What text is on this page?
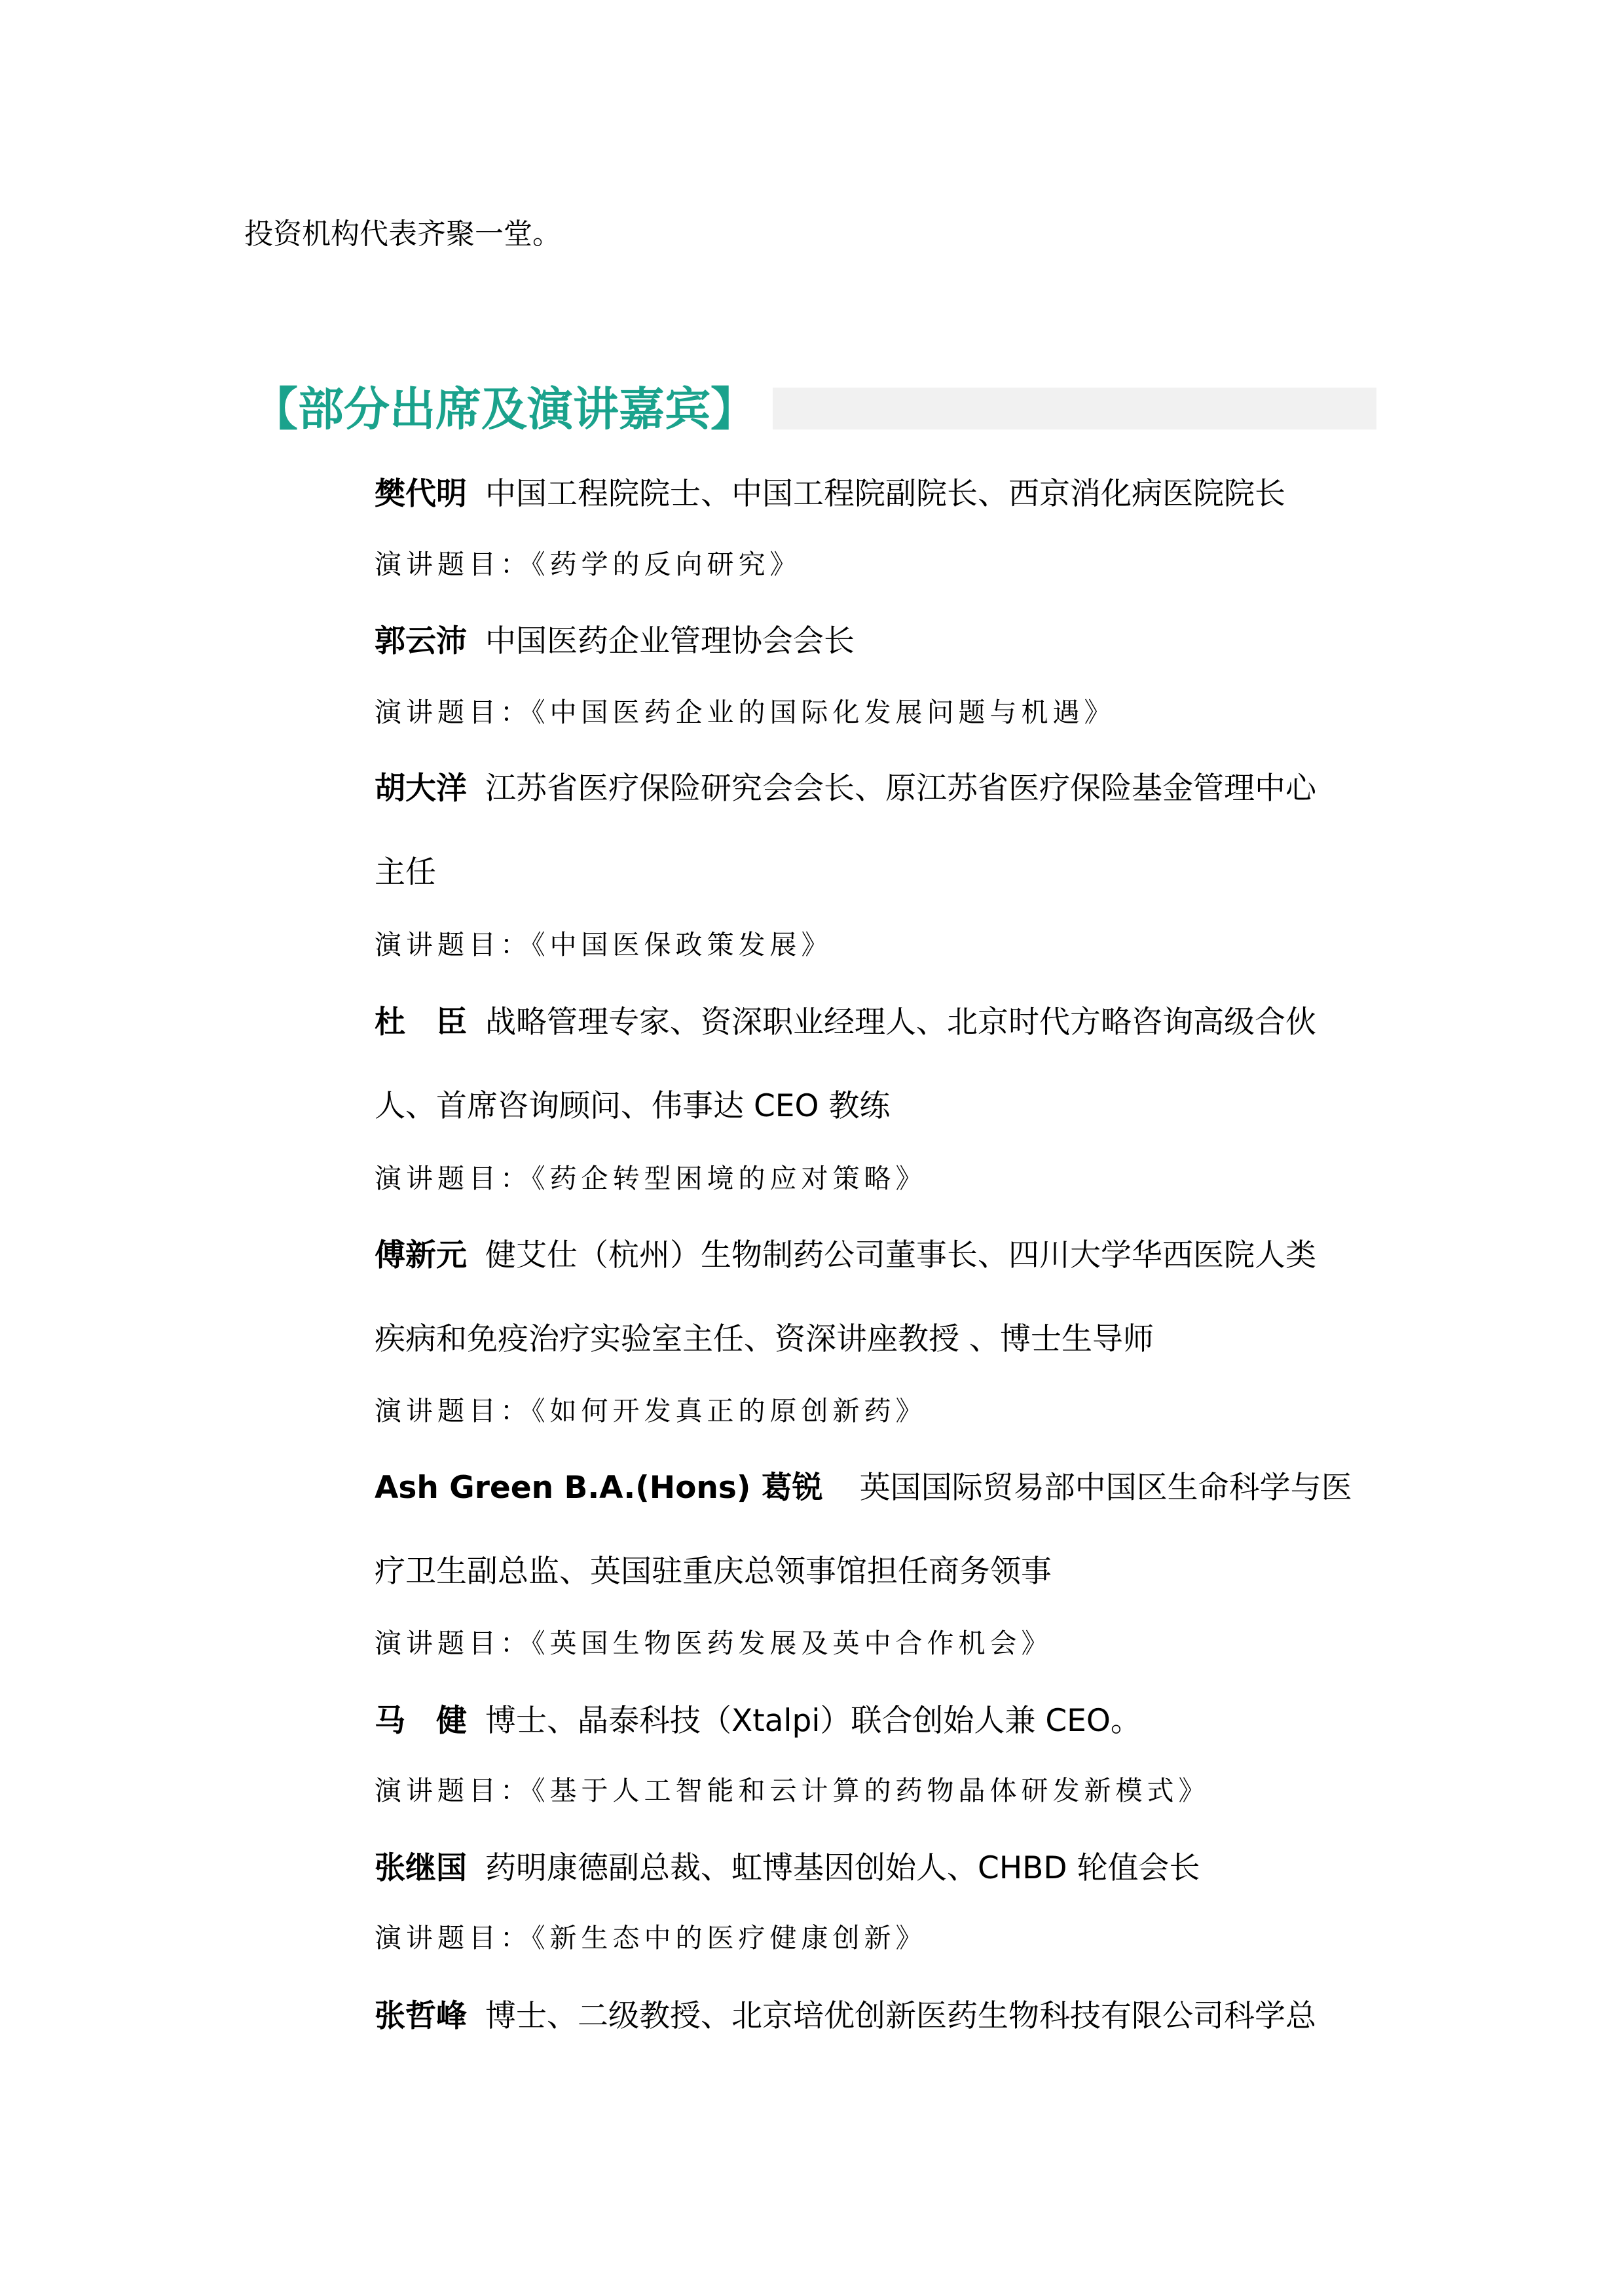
投资机构代表齐聚一堂。
【部分出席及演讲嘉宾】
樊代明 中国工程院院士、中国工程院副院长、西京消化病医院院长
演讲题目：《药学的反向研究》
郭云沛 中国医药企业管理协会会长
演讲题目：《中国医药企业的国际化发展问题与机遇》
胡大洋 江苏省医疗保险研究会会长、原江苏省医疗保险基金管理中心
主任
演讲题目：《中国医保政策发展》
杜　臣 战略管理专家、资深职业经理人、北京时代方略咨询高级合伙
人、首席咨询顾问、伟事达 CEO 教练
演讲题目：《药企转型困境的应对策略》
傅新元 健艾仕（杭州）生物制药公司董事长、四川大学华西医院人类
疾病和免疫治疗实验室主任、资深讲座教授 、博士生导师
演讲题目：《如何开发真正的原创新药》
Ash Green B.A.(Hons) 葛锐 英国国际贸易部中国区生命科学与医
疗卫生副总监、英国驻重庆总领事馆担任商务领事
演讲题目：《英国生物医药发展及英中合作机会》
马　健 博士、晶泰科技（Xtalpi）联合创始人兼 CEO。
演讲题目：《基于人工智能和云计算的药物晶体研发新模式》
张继国 药明康德副总裁、虹博基因创始人、CHBD 轮值会长
演讲题目：《新生态中的医疗健康创新》
张哲峰 博士、二级教授、北京培优创新医药生物科技有限公司科学总
